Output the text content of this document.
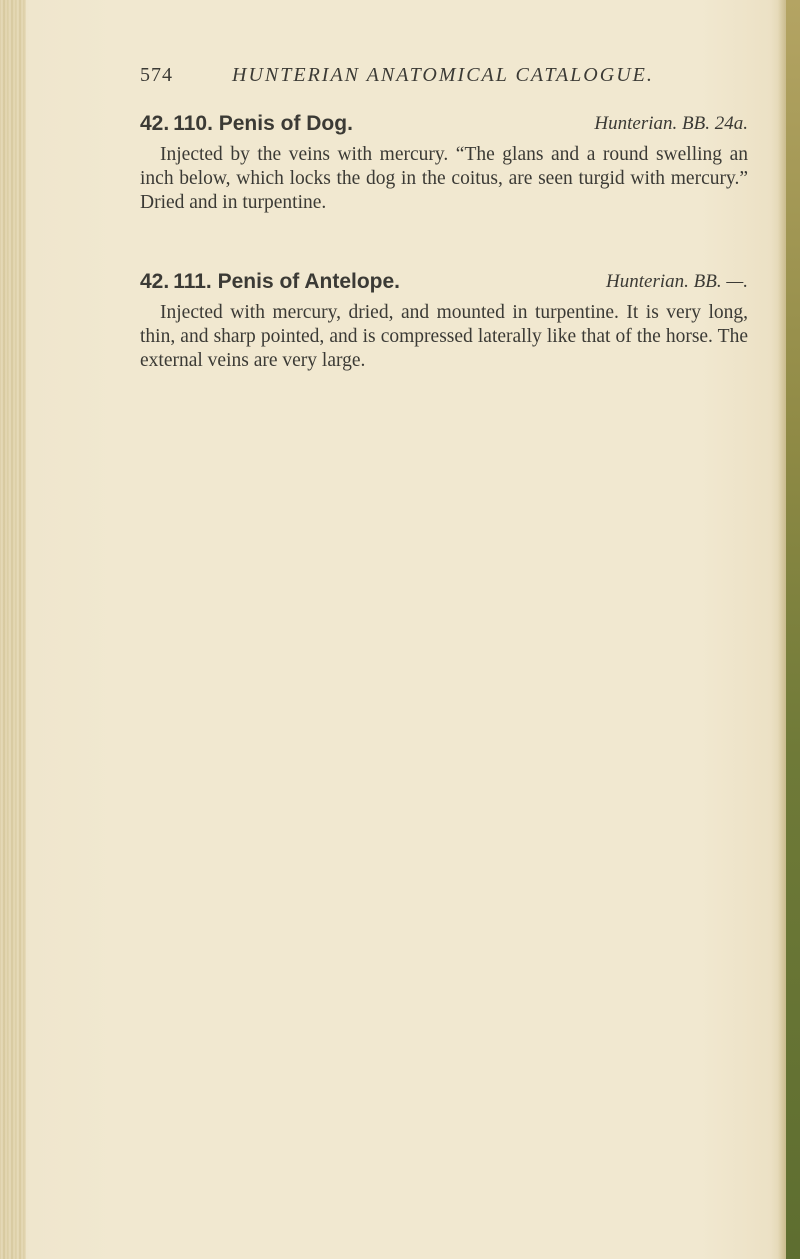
574	HUNTERIAN ANATOMICAL CATALOGUE.
42. 110. Penis of Dog.	Hunterian. BB. 24a.
Injected by the veins with mercury. “The glans and a round swelling an inch below, which locks the dog in the coitus, are seen turgid with mercury.” Dried and in turpentine.
42. 111. Penis of Antelope.	Hunterian. BB. —.
Injected with mercury, dried, and mounted in turpentine. It is very long, thin, and sharp pointed, and is compressed laterally like that of the horse. The external veins are very large.
